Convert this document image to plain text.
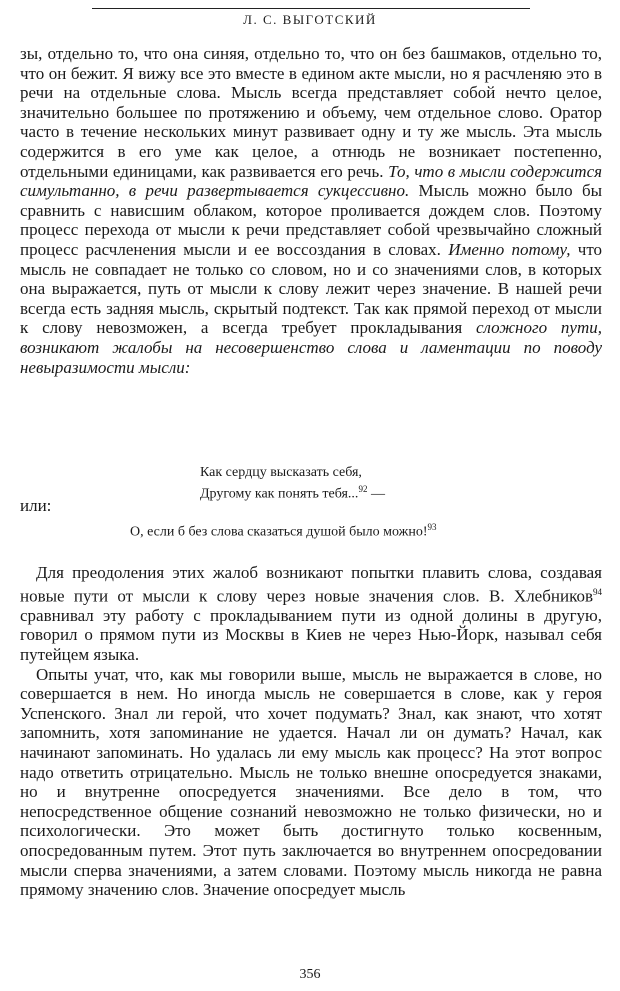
Л. С. ВЫГОТСКИЙ

зы, отдельно то, что она синяя, отдельно то, что он без башмаков, отдельно то, что он бежит. Я вижу все это вместе в едином акте мысли, но я расчленяю это в речи на отдельные слова. Мысль всегда представляет собой нечто целое, значительно большее по протяжению и объему, чем отдельное слово. Оратор часто в течение нескольких минут развивает одну и ту же мысль. Эта мысль содержится в его уме как целое, а отнюдь не возникает постепенно, отдельными единицами, как развивается его речь. То, что в мысли содержится симультанно, в речи развертывается сукцессивно. Мысль можно было бы сравнить с нависшим облаком, которое проливается дождем слов. Поэтому процесс перехода от мысли к речи представляет собой чрезвычайно сложный процесс расчленения мысли и ее воссоздания в словах. Именно потому, что мысль не совпадает не только со словом, но и со значениями слов, в которых она выражается, путь от мысли к слову лежит через значение. В нашей речи всегда есть задняя мысль, скрытый подтекст. Так как прямой переход от мысли к слову невозможен, а всегда требует прокладывания сложного пути, возникают жалобы на несовершенство слова и ламентации по поводу невыразимости мысли:

Как сердцу высказать себя,
Другому как понять тебя...$^{92}$ —
или:
О, если б без слова сказаться душой было можно!$^{93}$

Для преодоления этих жалоб возникают попытки плавить слова, создавая новые пути от мысли к слову через новые значения слов. В. Хлебников$^{94}$ сравнивал эту работу с прокладыванием пути из одной долины в другую, говорил о прямом пути из Москвы в Киев не через Нью-Йорк, называл себя путейцем языка.

Опыты учат, что, как мы говорили выше, мысль не выражается в слове, но совершается в нем. Но иногда мысль не совершается в слове, как у героя Успенского. Знал ли герой, что хочет подумать? Знал, как знают, что хотят запомнить, хотя запоминание не удается. Начал ли он думать? Начал, как начинают запоминать. Но удалась ли ему мысль как процесс? На этот вопрос надо ответить отрицательно. Мысль не только внешне опосредуется знаками, но и внутренне опосредуется значениями. Все дело в том, что непосредственное общение сознаний невозможно не только физически, но и психологически. Это может быть достигнуто только косвенным, опосредованным путем. Этот путь заключается во внутреннем опосредовании мысли сперва значениями, а затем словами. Поэтому мысль никогда не равна прямому значению слов. Значение опосредует мысль

356
